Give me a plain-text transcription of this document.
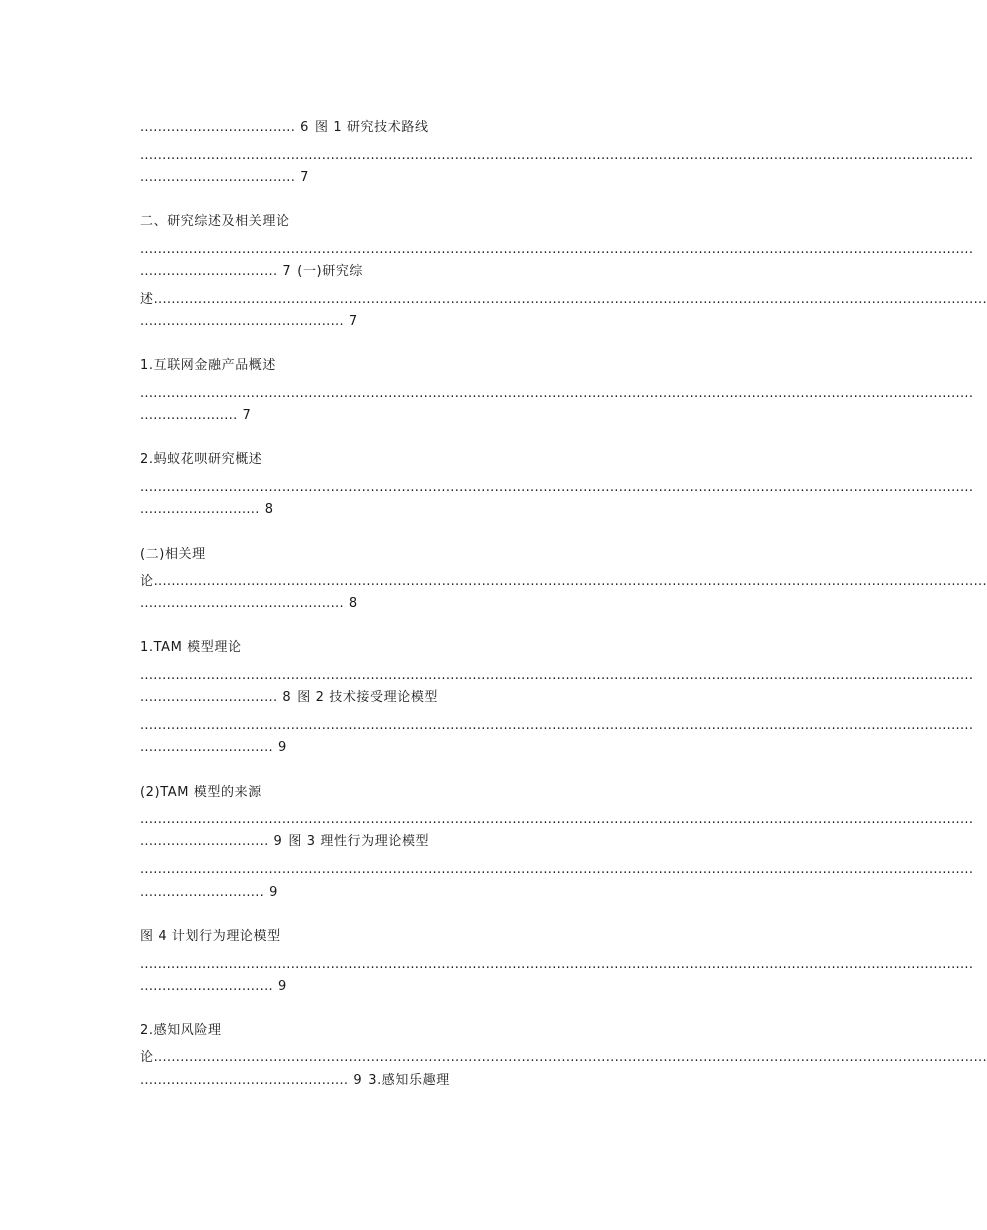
................................... 6 图 1 研究技术路线
............................................................................................................................................................................................
................................... 7
二、研究综述及相关理论
............................................................................................................................................................................................
............................... 7 (一)研究综
述............................................................................................................................................................................................
.............................................. 7
1.互联网金融产品概述
............................................................................................................................................................................................
...................... 7
2.蚂蚁花呗研究概述
............................................................................................................................................................................................
........................... 8
(二)相关理
论............................................................................................................................................................................................
.............................................. 8
1.TAM 模型理论
............................................................................................................................................................................................
............................... 8 图 2 技术接受理论模型
............................................................................................................................................................................................
.............................. 9
(2)TAM 模型的来源
............................................................................................................................................................................................
............................. 9 图 3 理性行为理论模型
............................................................................................................................................................................................
............................ 9
图 4 计划行为理论模型
............................................................................................................................................................................................
.............................. 9
2.感知风险理
论............................................................................................................................................................................................
............................................... 9 3.感知乐趣理
